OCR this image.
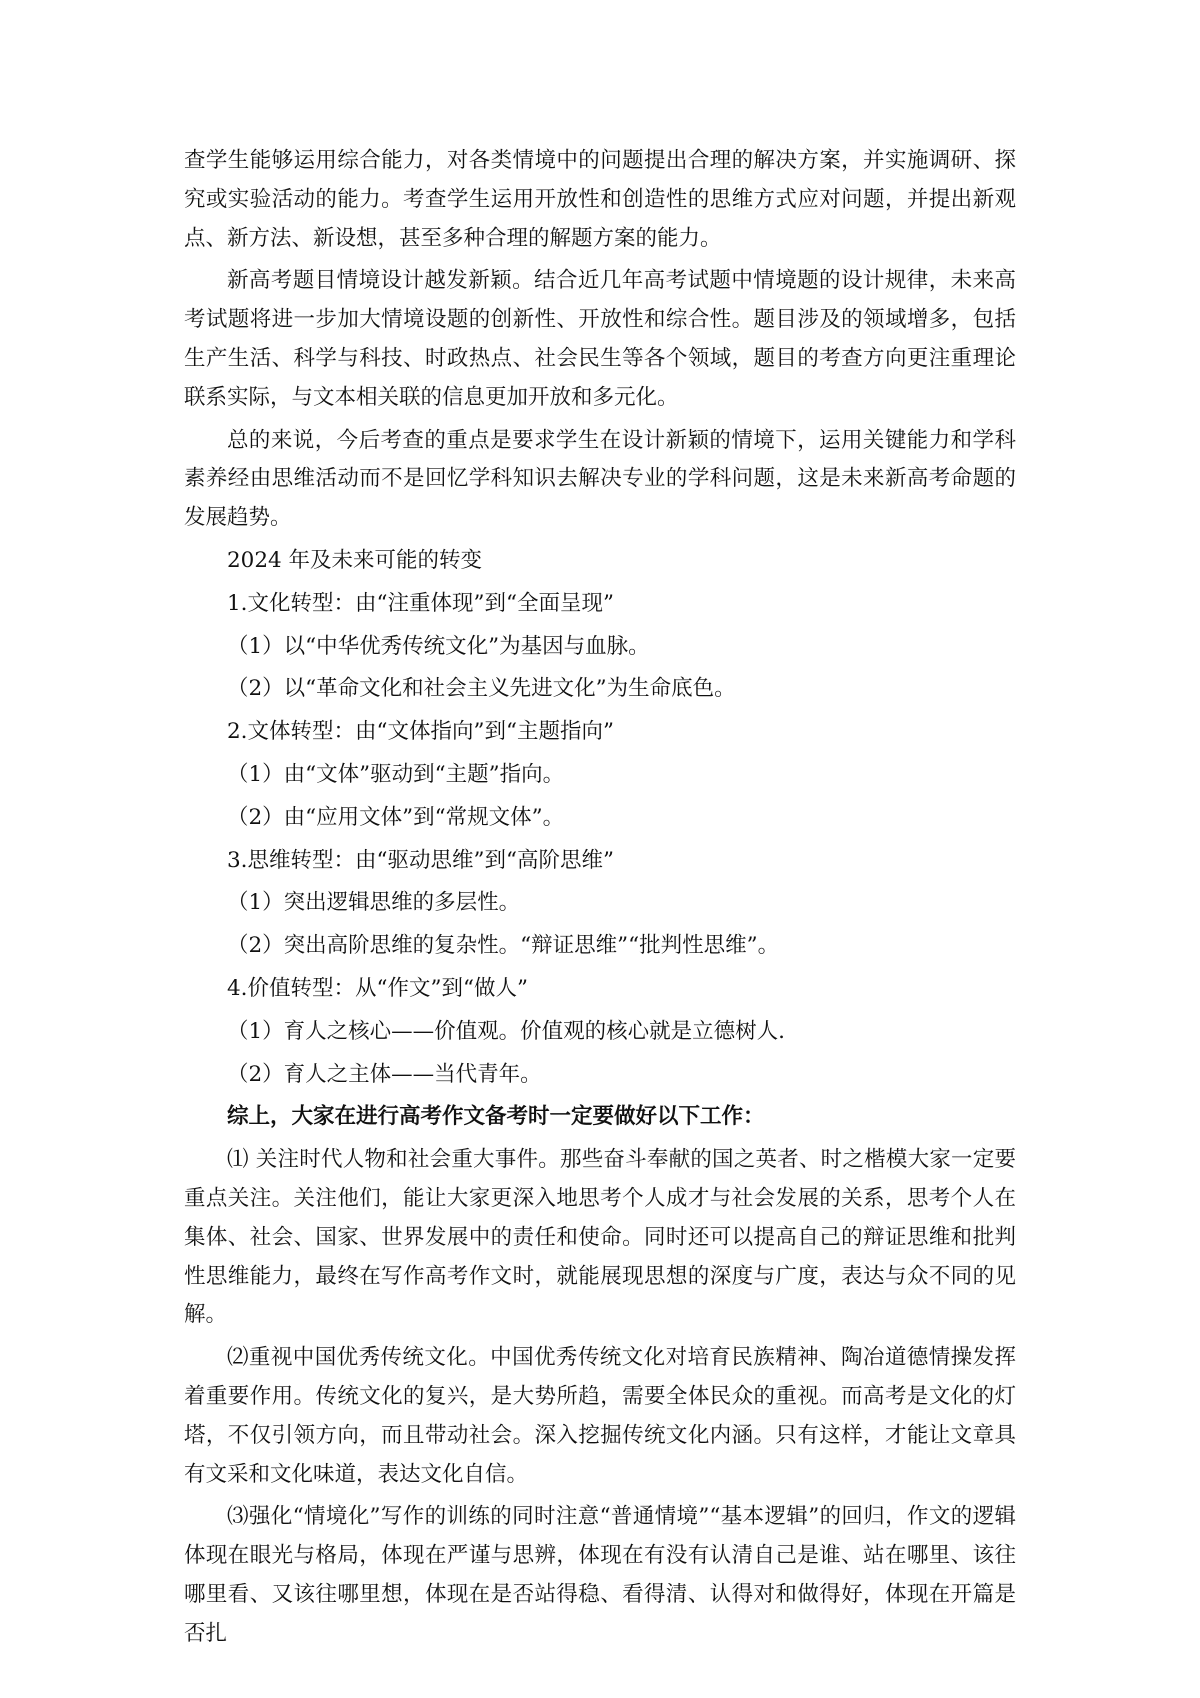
查学生能够运用综合能力，对各类情境中的问题提出合理的解决方案，并实施调研、探究或实验活动的能力。考查学生运用开放性和创造性的思维方式应对问题，并提出新观点、新方法、新设想，甚至多种合理的解题方案的能力。

新高考题目情境设计越发新颖。结合近几年高考试题中情境题的设计规律，未来高考试题将进一步加大情境设题的创新性、开放性和综合性。题目涉及的领域增多，包括生产生活、科学与科技、时政热点、社会民生等各个领域，题目的考查方向更注重理论联系实际，与文本相关联的信息更加开放和多元化。

总的来说，今后考查的重点是要求学生在设计新颖的情境下，运用关键能力和学科素养经由思维活动而不是回忆学科知识去解决专业的学科问题，这是未来新高考命题的发展趋势。

2024 年及未来可能的转变

1.文化转型：由“注重体现”到“全面呈现”

（1）以“中华优秀传统文化”为基因与血脉。

（2）以“革命文化和社会主义先进文化”为生命底色。

2.文体转型：由“文体指向”到“主题指向”

（1）由“文体”驱动到“主题”指向。

（2）由“应用文体”到“常规文体”。

3.思维转型：由“驱动思维”到“高阶思维”

（1）突出逻辑思维的多层性。

（2）突出高阶思维的复杂性。“辩证思维”“批判性思维”。

4.价值转型：从“作文”到“做人”

（1）育人之核心——价值观。价值观的核心就是立德树人.

（2）育人之主体——当代青年。

综上，大家在进行高考作文备考时一定要做好以下工作：

⑴ 关注时代人物和社会重大事件。那些奋斗奉献的国之英者、时之楷模大家一定要重点关注。关注他们，能让大家更深入地思考个人成才与社会发展的关系，思考个人在集体、社会、国家、世界发展中的责任和使命。同时还可以提高自己的辩证思维和批判性思维能力，最终在写作高考作文时，就能展现思想的深度与广度，表达与众不同的见解。

⑵重视中国优秀传统文化。中国优秀传统文化对培育民族精神、陶冶道德情操发挥着重要作用。传统文化的复兴，是大势所趋，需要全体民众的重视。而高考是文化的灯塔，不仅引领方向，而且带动社会。深入挖掘传统文化内涵。只有这样，才能让文章具有文采和文化味道，表达文化自信。

⑶强化“情境化”写作的训练的同时注意“普通情境”“基本逻辑”的回归，作文的逻辑体现在眼光与格局，体现在严谨与思辨，体现在有没有认清自己是谁、站在哪里、该往哪里看、又该往哪里想，体现在是否站得稳、看得清、认得对和做得好，体现在开篇是否扎
